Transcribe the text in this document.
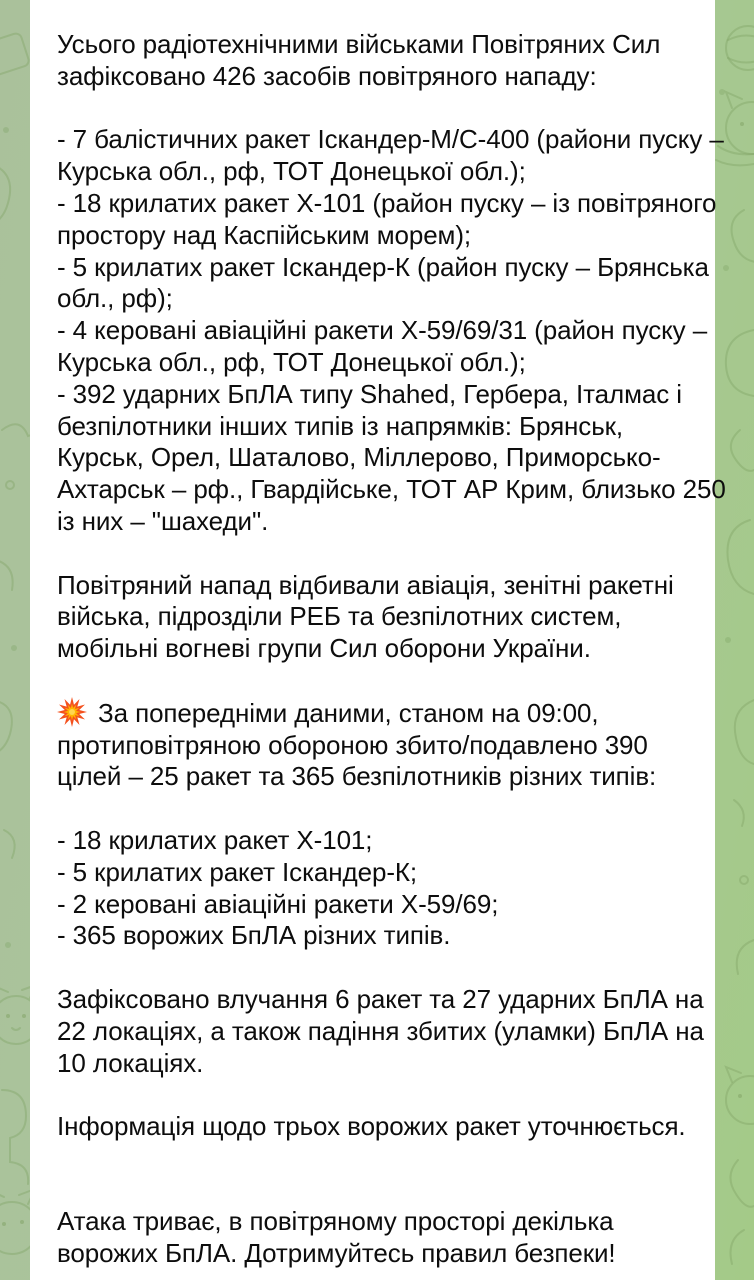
Усього радіотехнічними військами Повітряних Сил
зафіксовано 426 засобів повітряного нападу:
- 7 балістичних ракет Іскандер-М/С-400 (райони пуску –
Курська обл., рф, ТОТ Донецької обл.);
- 18 крилатих ракет Х-101 (район пуску – із повітряного
простору над Каспійським морем);
- 5 крилатих ракет Іскандер-К (район пуску – Брянська
обл., рф);
- 4 керовані авіаційні ракети Х-59/69/31 (район пуску –
Курська обл., рф, ТОТ Донецької обл.);
- 392 ударних БпЛА типу Shahed, Гербера, Італмас і
безпілотники інших типів із напрямків: Брянськ,
Курськ, Орел, Шаталово, Міллерово, Приморсько-
Ахтарськ – рф., Гвардійське, ТОТ АР Крим, близько 250
із них – "шахеди".
Повітряний напад відбивали авіація, зенітні ракетні
війська, підрозділи РЕБ та безпілотних систем,
мобільні вогневі групи Сил оборони України.
За попередніми даними, станом на 09:00,
протиповітряною обороною збито/подавлено 390
цілей – 25 ракет та 365 безпілотників різних типів:
- 18 крилатих ракет Х-101;
- 5 крилатих ракет Іскандер-К;
- 2 керовані авіаційні ракети Х-59/69;
- 365 ворожих БпЛА різних типів.
Зафіксовано влучання 6 ракет та 27 ударних БпЛА на
22 локаціях, а також падіння збитих (уламки) БпЛА на
10 локаціях.
Інформація щодо трьох ворожих ракет уточнюється.
Атака триває, в повітряному просторі декілька
ворожих БпЛА. Дотримуйтесь правил безпеки!
